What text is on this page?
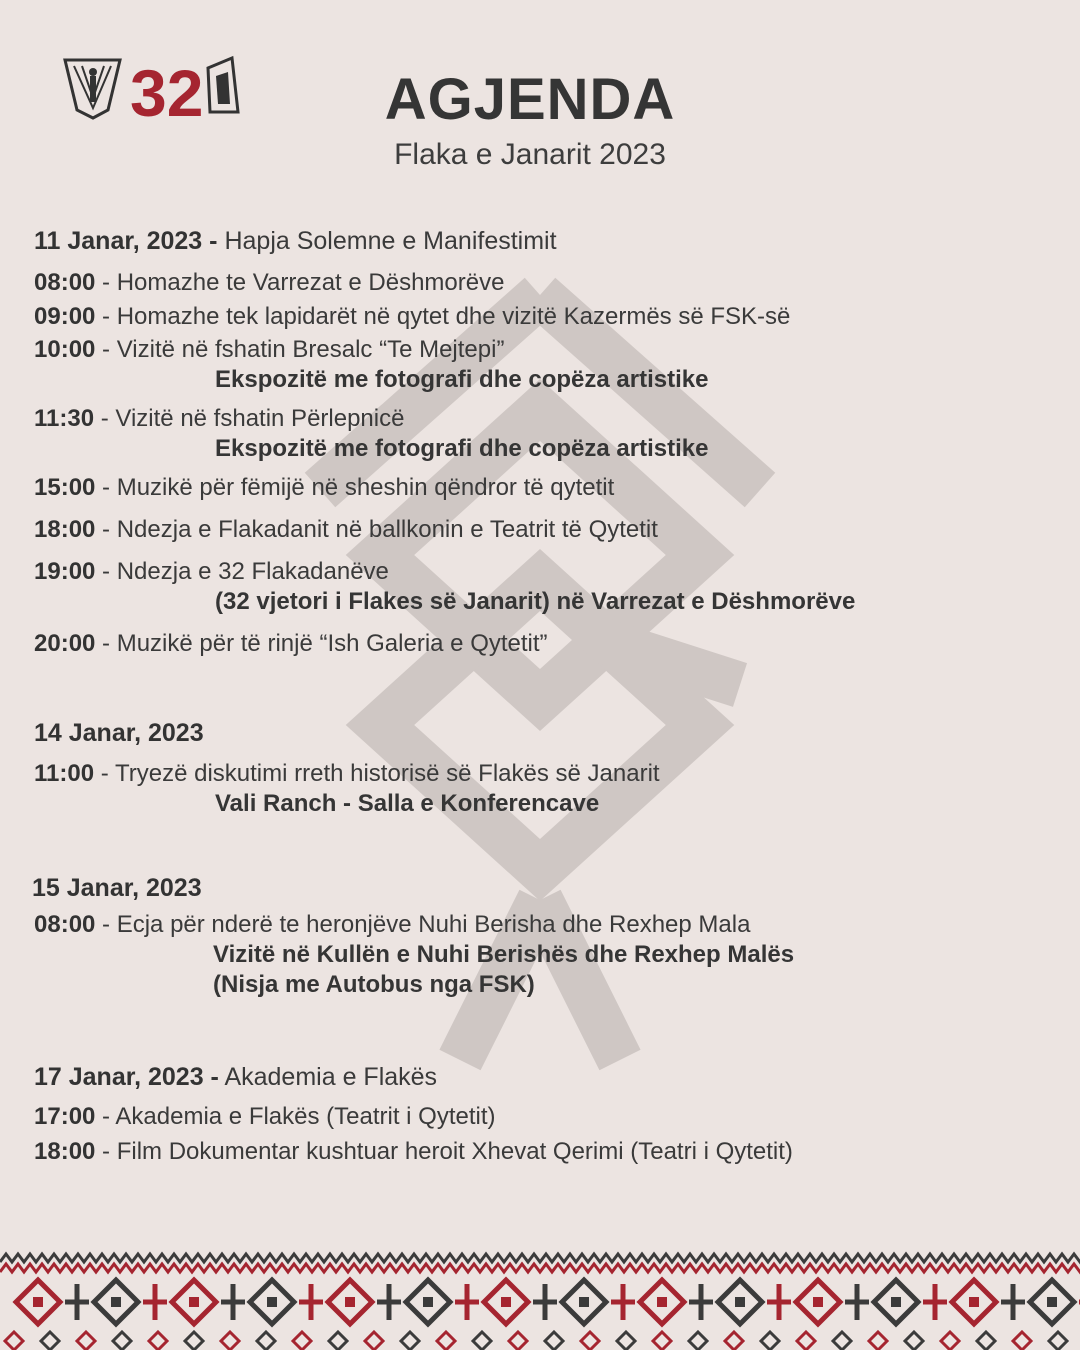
32	AGJENDA
Flaka e Janarit 2023
11 Janar, 2023 - Hapja Solemne e Manifestimit
08:00 - Homazhe te Varrezat e Dëshmorëve
09:00 - Homazhe tek lapidarët në qytet dhe vizitë Kazermës së FSK-së
10:00 - Vizitë në fshatin Bresalc “Te Mejtepi”
Ekspozitë me fotografi dhe copëza artistike
11:30 - Vizitë në fshatin Përlepnicë
Ekspozitë me fotografi dhe copëza artistike
15:00 - Muzikë për fëmijë në sheshin qëndror të qytetit
18:00 - Ndezja e Flakadanit në ballkonin e Teatrit të Qytetit
19:00 - Ndezja e 32 Flakadanëve
(32 vjetori i Flakes së Janarit) në Varrezat e Dëshmorëve
20:00 - Muzikë për të rinjë “Ish Galeria e Qytetit”
14 Janar, 2023
11:00 - Tryezë diskutimi rreth historisë së Flakës së Janarit
Vali Ranch - Salla e Konferencave
15 Janar, 2023
08:00 - Ecja për nderë te heronjëve Nuhi Berisha dhe Rexhep Mala
Vizitë në Kullën e Nuhi Berishës dhe Rexhep Malës
(Nisja me Autobus nga FSK)
17 Janar, 2023 - Akademia e Flakës
17:00 - Akademia e Flakës (Teatrit i Qytetit)
18:00 - Film Dokumentar kushtuar heroit Xhevat Qerimi (Teatri i Qytetit)
